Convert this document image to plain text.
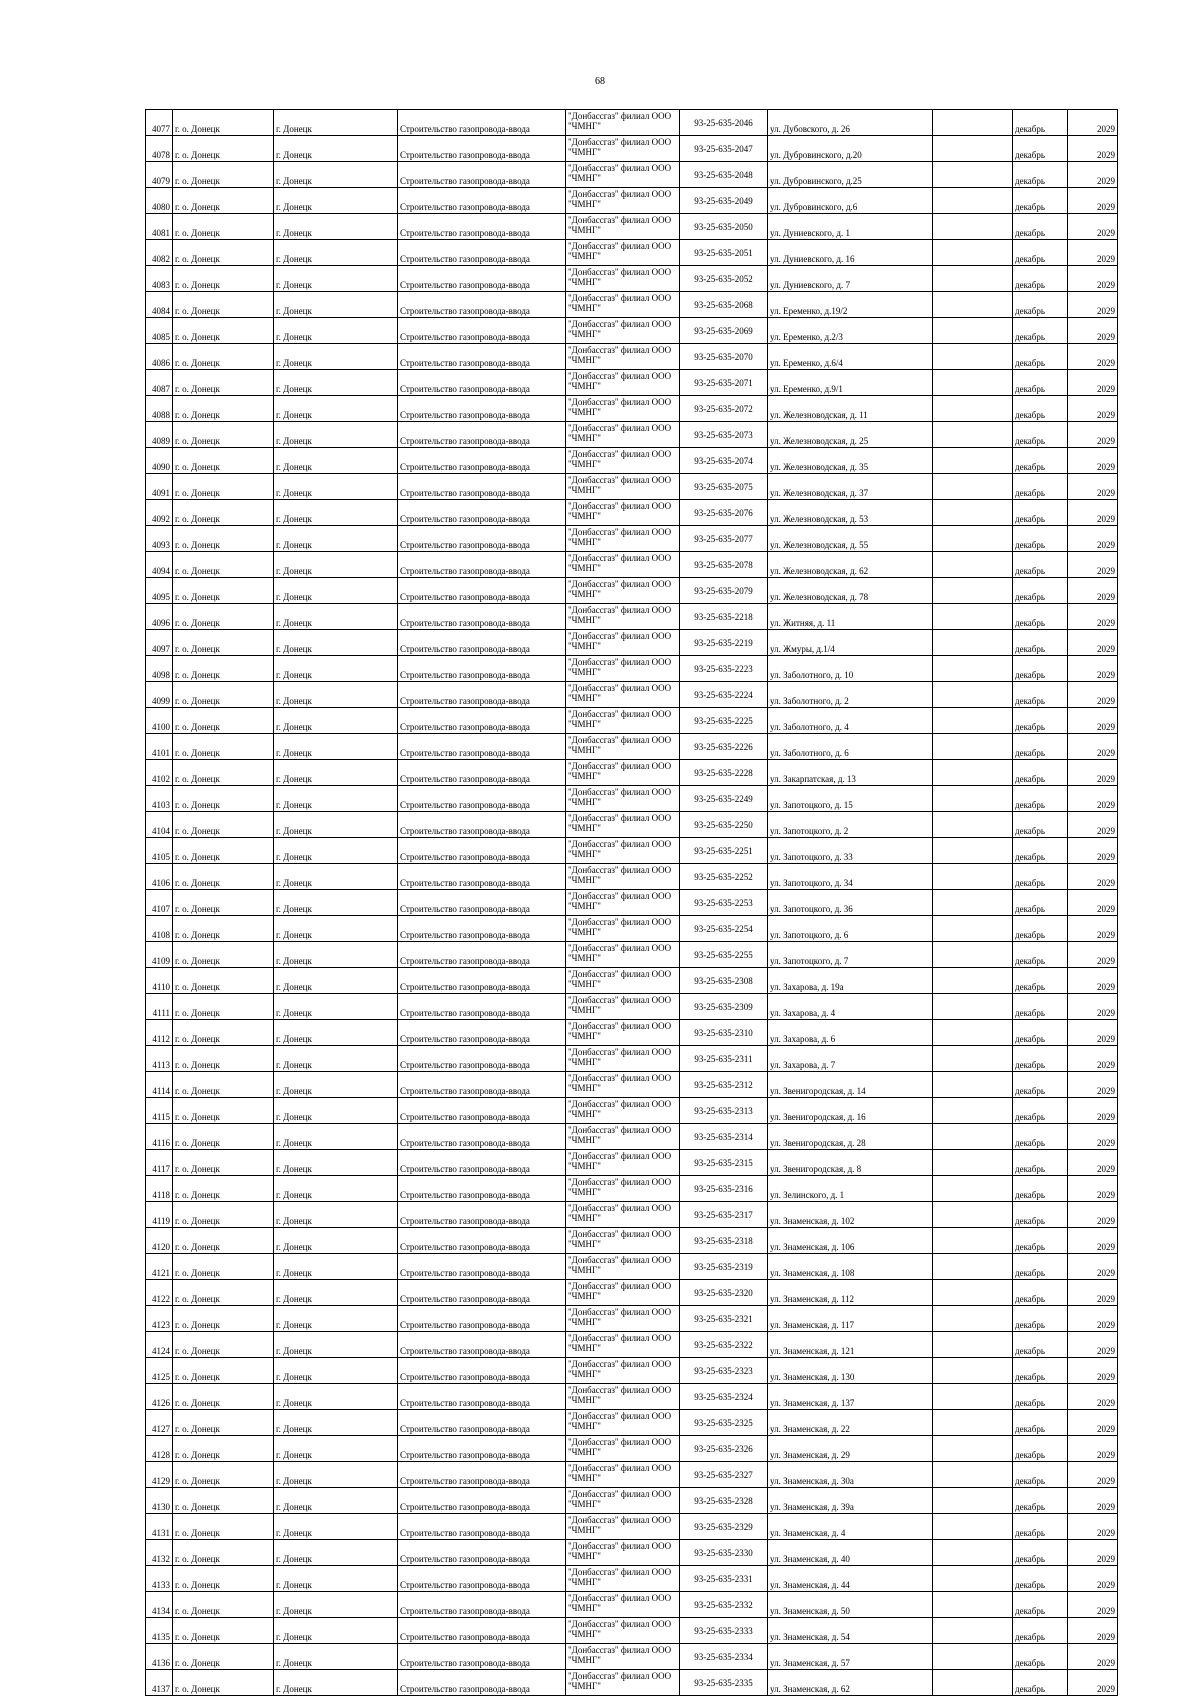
68
4077	г. о. Донецк	г. Донецк	Строительство газопровода-ввода	"Донбассгаз" филиал ООО "ЧМНГ"	93-25-635-2046	ул. Дубовского, д. 26		декабрь	2029
4078	г. о. Донецк	г. Донецк	Строительство газопровода-ввода	"Донбассгаз" филиал ООО "ЧМНГ"	93-25-635-2047	ул. Дубровинского, д.20		декабрь	2029
4079	г. о. Донецк	г. Донецк	Строительство газопровода-ввода	"Донбассгаз" филиал ООО "ЧМНГ"	93-25-635-2048	ул. Дубровинского, д.25		декабрь	2029
4080	г. о. Донецк	г. Донецк	Строительство газопровода-ввода	"Донбассгаз" филиал ООО "ЧМНГ"	93-25-635-2049	ул. Дубровинского, д.6		декабрь	2029
4081	г. о. Донецк	г. Донецк	Строительство газопровода-ввода	"Донбассгаз" филиал ООО "ЧМНГ"	93-25-635-2050	ул. Дуниевского, д. 1		декабрь	2029
4082	г. о. Донецк	г. Донецк	Строительство газопровода-ввода	"Донбассгаз" филиал ООО "ЧМНГ"	93-25-635-2051	ул. Дуниевского, д. 16		декабрь	2029
4083	г. о. Донецк	г. Донецк	Строительство газопровода-ввода	"Донбассгаз" филиал ООО "ЧМНГ"	93-25-635-2052	ул. Дуниевского, д. 7		декабрь	2029
4084	г. о. Донецк	г. Донецк	Строительство газопровода-ввода	"Донбассгаз" филиал ООО "ЧМНГ"	93-25-635-2068	ул. Еременко, д.19/2		декабрь	2029
4085	г. о. Донецк	г. Донецк	Строительство газопровода-ввода	"Донбассгаз" филиал ООО "ЧМНГ"	93-25-635-2069	ул. Еременко, д.2/3		декабрь	2029
4086	г. о. Донецк	г. Донецк	Строительство газопровода-ввода	"Донбассгаз" филиал ООО "ЧМНГ"	93-25-635-2070	ул. Еременко, д.6/4		декабрь	2029
4087	г. о. Донецк	г. Донецк	Строительство газопровода-ввода	"Донбассгаз" филиал ООО "ЧМНГ"	93-25-635-2071	ул. Еременко, д.9/1		декабрь	2029
4088	г. о. Донецк	г. Донецк	Строительство газопровода-ввода	"Донбассгаз" филиал ООО "ЧМНГ"	93-25-635-2072	ул. Железноводская, д. 11		декабрь	2029
4089	г. о. Донецк	г. Донецк	Строительство газопровода-ввода	"Донбассгаз" филиал ООО "ЧМНГ"	93-25-635-2073	ул. Железноводская, д. 25		декабрь	2029
4090	г. о. Донецк	г. Донецк	Строительство газопровода-ввода	"Донбассгаз" филиал ООО "ЧМНГ"	93-25-635-2074	ул. Железноводская, д. 35		декабрь	2029
4091	г. о. Донецк	г. Донецк	Строительство газопровода-ввода	"Донбассгаз" филиал ООО "ЧМНГ"	93-25-635-2075	ул. Железноводская, д. 37		декабрь	2029
4092	г. о. Донецк	г. Донецк	Строительство газопровода-ввода	"Донбассгаз" филиал ООО "ЧМНГ"	93-25-635-2076	ул. Железноводская, д. 53		декабрь	2029
4093	г. о. Донецк	г. Донецк	Строительство газопровода-ввода	"Донбассгаз" филиал ООО "ЧМНГ"	93-25-635-2077	ул. Железноводская, д. 55		декабрь	2029
4094	г. о. Донецк	г. Донецк	Строительство газопровода-ввода	"Донбассгаз" филиал ООО "ЧМНГ"	93-25-635-2078	ул. Железноводская, д. 62		декабрь	2029
4095	г. о. Донецк	г. Донецк	Строительство газопровода-ввода	"Донбассгаз" филиал ООО "ЧМНГ"	93-25-635-2079	ул. Железноводская, д. 78		декабрь	2029
4096	г. о. Донецк	г. Донецк	Строительство газопровода-ввода	"Донбассгаз" филиал ООО "ЧМНГ"	93-25-635-2218	ул. Житняя, д. 11		декабрь	2029
4097	г. о. Донецк	г. Донецк	Строительство газопровода-ввода	"Донбассгаз" филиал ООО "ЧМНГ"	93-25-635-2219	ул. Жмуры, д.1/4		декабрь	2029
4098	г. о. Донецк	г. Донецк	Строительство газопровода-ввода	"Донбассгаз" филиал ООО "ЧМНГ"	93-25-635-2223	ул. Заболотного, д. 10		декабрь	2029
4099	г. о. Донецк	г. Донецк	Строительство газопровода-ввода	"Донбассгаз" филиал ООО "ЧМНГ"	93-25-635-2224	ул. Заболотного, д. 2		декабрь	2029
4100	г. о. Донецк	г. Донецк	Строительство газопровода-ввода	"Донбассгаз" филиал ООО "ЧМНГ"	93-25-635-2225	ул. Заболотного, д. 4		декабрь	2029
4101	г. о. Донецк	г. Донецк	Строительство газопровода-ввода	"Донбассгаз" филиал ООО "ЧМНГ"	93-25-635-2226	ул. Заболотного, д. 6		декабрь	2029
4102	г. о. Донецк	г. Донецк	Строительство газопровода-ввода	"Донбассгаз" филиал ООО "ЧМНГ"	93-25-635-2228	ул. Закарпатская, д. 13		декабрь	2029
4103	г. о. Донецк	г. Донецк	Строительство газопровода-ввода	"Донбассгаз" филиал ООО "ЧМНГ"	93-25-635-2249	ул. Запотоцкого, д. 15		декабрь	2029
4104	г. о. Донецк	г. Донецк	Строительство газопровода-ввода	"Донбассгаз" филиал ООО "ЧМНГ"	93-25-635-2250	ул. Запотоцкого, д. 2		декабрь	2029
4105	г. о. Донецк	г. Донецк	Строительство газопровода-ввода	"Донбассгаз" филиал ООО "ЧМНГ"	93-25-635-2251	ул. Запотоцкого, д. 33		декабрь	2029
4106	г. о. Донецк	г. Донецк	Строительство газопровода-ввода	"Донбассгаз" филиал ООО "ЧМНГ"	93-25-635-2252	ул. Запотоцкого, д. 34		декабрь	2029
4107	г. о. Донецк	г. Донецк	Строительство газопровода-ввода	"Донбассгаз" филиал ООО "ЧМНГ"	93-25-635-2253	ул. Запотоцкого, д. 36		декабрь	2029
4108	г. о. Донецк	г. Донецк	Строительство газопровода-ввода	"Донбассгаз" филиал ООО "ЧМНГ"	93-25-635-2254	ул. Запотоцкого, д. 6		декабрь	2029
4109	г. о. Донецк	г. Донецк	Строительство газопровода-ввода	"Донбассгаз" филиал ООО "ЧМНГ"	93-25-635-2255	ул. Запотоцкого, д. 7		декабрь	2029
4110	г. о. Донецк	г. Донецк	Строительство газопровода-ввода	"Донбассгаз" филиал ООО "ЧМНГ"	93-25-635-2308	ул. Захарова, д. 19а		декабрь	2029
4111	г. о. Донецк	г. Донецк	Строительство газопровода-ввода	"Донбассгаз" филиал ООО "ЧМНГ"	93-25-635-2309	ул. Захарова, д. 4		декабрь	2029
4112	г. о. Донецк	г. Донецк	Строительство газопровода-ввода	"Донбассгаз" филиал ООО "ЧМНГ"	93-25-635-2310	ул. Захарова, д. 6		декабрь	2029
4113	г. о. Донецк	г. Донецк	Строительство газопровода-ввода	"Донбассгаз" филиал ООО "ЧМНГ"	93-25-635-2311	ул. Захарова, д. 7		декабрь	2029
4114	г. о. Донецк	г. Донецк	Строительство газопровода-ввода	"Донбассгаз" филиал ООО "ЧМНГ"	93-25-635-2312	ул. Звенигородская, д. 14		декабрь	2029
4115	г. о. Донецк	г. Донецк	Строительство газопровода-ввода	"Донбассгаз" филиал ООО "ЧМНГ"	93-25-635-2313	ул. Звенигородская, д. 16		декабрь	2029
4116	г. о. Донецк	г. Донецк	Строительство газопровода-ввода	"Донбассгаз" филиал ООО "ЧМНГ"	93-25-635-2314	ул. Звенигородская, д. 28		декабрь	2029
4117	г. о. Донецк	г. Донецк	Строительство газопровода-ввода	"Донбассгаз" филиал ООО "ЧМНГ"	93-25-635-2315	ул. Звенигородская, д. 8		декабрь	2029
4118	г. о. Донецк	г. Донецк	Строительство газопровода-ввода	"Донбассгаз" филиал ООО "ЧМНГ"	93-25-635-2316	ул. Зелинского, д. 1		декабрь	2029
4119	г. о. Донецк	г. Донецк	Строительство газопровода-ввода	"Донбассгаз" филиал ООО "ЧМНГ"	93-25-635-2317	ул. Знаменская, д. 102		декабрь	2029
4120	г. о. Донецк	г. Донецк	Строительство газопровода-ввода	"Донбассгаз" филиал ООО "ЧМНГ"	93-25-635-2318	ул. Знаменская, д. 106		декабрь	2029
4121	г. о. Донецк	г. Донецк	Строительство газопровода-ввода	"Донбассгаз" филиал ООО "ЧМНГ"	93-25-635-2319	ул. Знаменская, д. 108		декабрь	2029
4122	г. о. Донецк	г. Донецк	Строительство газопровода-ввода	"Донбассгаз" филиал ООО "ЧМНГ"	93-25-635-2320	ул. Знаменская, д. 112		декабрь	2029
4123	г. о. Донецк	г. Донецк	Строительство газопровода-ввода	"Донбассгаз" филиал ООО "ЧМНГ"	93-25-635-2321	ул. Знаменская, д. 117		декабрь	2029
4124	г. о. Донецк	г. Донецк	Строительство газопровода-ввода	"Донбассгаз" филиал ООО "ЧМНГ"	93-25-635-2322	ул. Знаменская, д. 121		декабрь	2029
4125	г. о. Донецк	г. Донецк	Строительство газопровода-ввода	"Донбассгаз" филиал ООО "ЧМНГ"	93-25-635-2323	ул. Знаменская, д. 130		декабрь	2029
4126	г. о. Донецк	г. Донецк	Строительство газопровода-ввода	"Донбассгаз" филиал ООО "ЧМНГ"	93-25-635-2324	ул. Знаменская, д. 137		декабрь	2029
4127	г. о. Донецк	г. Донецк	Строительство газопровода-ввода	"Донбассгаз" филиал ООО "ЧМНГ"	93-25-635-2325	ул. Знаменская, д. 22		декабрь	2029
4128	г. о. Донецк	г. Донецк	Строительство газопровода-ввода	"Донбассгаз" филиал ООО "ЧМНГ"	93-25-635-2326	ул. Знаменская, д. 29		декабрь	2029
4129	г. о. Донецк	г. Донецк	Строительство газопровода-ввода	"Донбассгаз" филиал ООО "ЧМНГ"	93-25-635-2327	ул. Знаменская, д. 30а		декабрь	2029
4130	г. о. Донецк	г. Донецк	Строительство газопровода-ввода	"Донбассгаз" филиал ООО "ЧМНГ"	93-25-635-2328	ул. Знаменская, д. 39а		декабрь	2029
4131	г. о. Донецк	г. Донецк	Строительство газопровода-ввода	"Донбассгаз" филиал ООО "ЧМНГ"	93-25-635-2329	ул. Знаменская, д. 4		декабрь	2029
4132	г. о. Донецк	г. Донецк	Строительство газопровода-ввода	"Донбассгаз" филиал ООО "ЧМНГ"	93-25-635-2330	ул. Знаменская, д. 40		декабрь	2029
4133	г. о. Донецк	г. Донецк	Строительство газопровода-ввода	"Донбассгаз" филиал ООО "ЧМНГ"	93-25-635-2331	ул. Знаменская, д. 44		декабрь	2029
4134	г. о. Донецк	г. Донецк	Строительство газопровода-ввода	"Донбассгаз" филиал ООО "ЧМНГ"	93-25-635-2332	ул. Знаменская, д. 50		декабрь	2029
4135	г. о. Донецк	г. Донецк	Строительство газопровода-ввода	"Донбассгаз" филиал ООО "ЧМНГ"	93-25-635-2333	ул. Знаменская, д. 54		декабрь	2029
4136	г. о. Донецк	г. Донецк	Строительство газопровода-ввода	"Донбассгаз" филиал ООО "ЧМНГ"	93-25-635-2334	ул. Знаменская, д. 57		декабрь	2029
4137	г. о. Донецк	г. Донецк	Строительство газопровода-ввода	"Донбассгаз" филиал ООО "ЧМНГ"	93-25-635-2335	ул. Знаменская, д. 62		декабрь	2029
